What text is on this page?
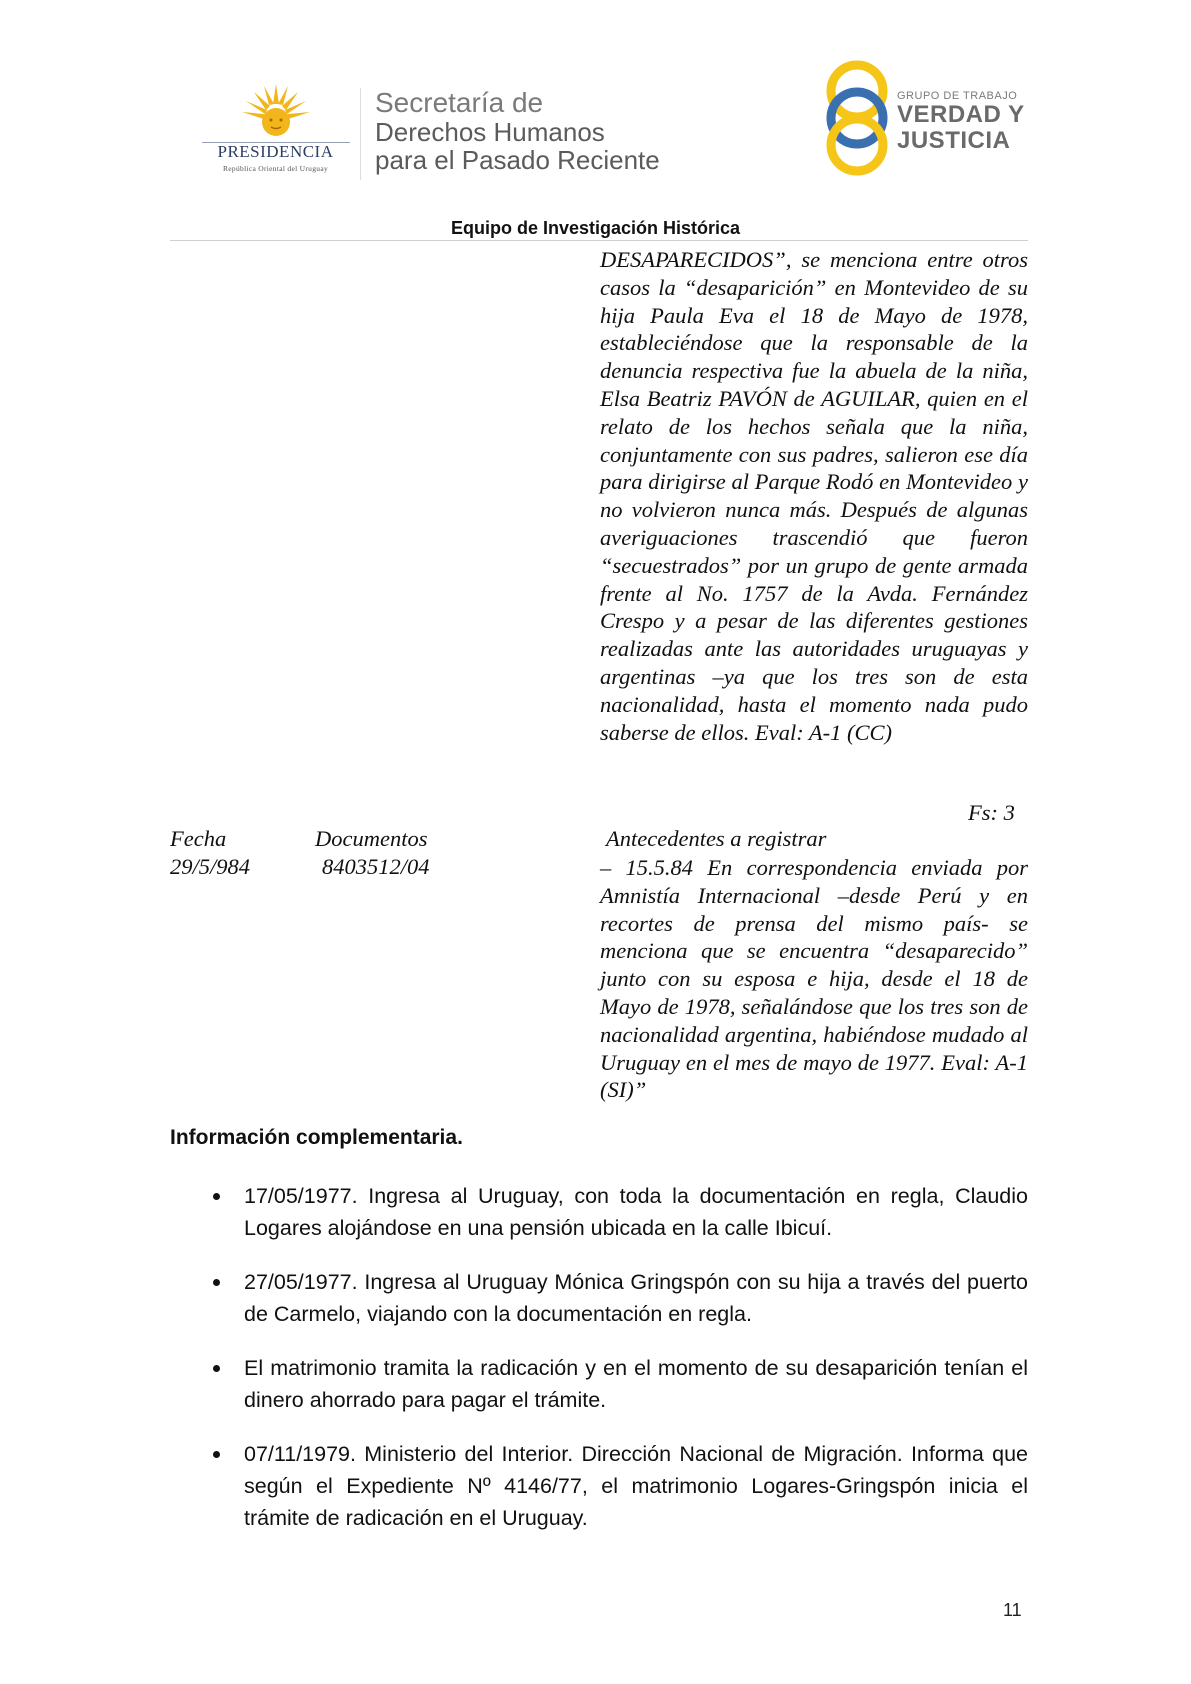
PRESIDENCIA
República Oriental del Uruguay
Secretaría de
Derechos Humanos
para el Pasado Reciente
GRUPO DE TRABAJO
VERDAD Y
JUSTICIA
Equipo de Investigación Histórica

DESAPARECIDOS”, se menciona entre otros casos la “desaparición” en Montevideo de su hija Paula Eva el 18 de Mayo de 1978, estableciéndose que la responsable de la denuncia respectiva fue la abuela de la niña, Elsa Beatriz PAVÓN de AGUILAR, quien en el relato de los hechos señala que la niña, conjuntamente con sus padres, salieron ese día para dirigirse al Parque Rodó en Montevideo y no volvieron nunca más. Después de algunas averiguaciones trascendió que fueron “secuestrados” por un grupo de gente armada frente al No. 1757 de la Avda. Fernández Crespo y a pesar de las diferentes gestiones realizadas ante las autoridades uruguayas y argentinas –ya que los tres son de esta nacionalidad, hasta el momento nada pudo saberse de ellos. Eval: A-1 (CC)

Fs: 3
Fecha	Documentos	Antecedentes a registrar
29/5/984	8403512/04	– 15.5.84 En correspondencia enviada por Amnistía Internacional –desde Perú y en recortes de prensa del mismo país- se menciona que se encuentra “desaparecido” junto con su esposa e hija, desde el 18 de Mayo de 1978, señalándose que los tres son de nacionalidad argentina, habiéndose mudado al Uruguay en el mes de mayo de 1977. Eval: A-1 (SI)”

Información complementaria.
17/05/1977. Ingresa al Uruguay, con toda la documentación en regla, Claudio Logares alojándose en una pensión ubicada en la calle Ibicuí.
27/05/1977. Ingresa al Uruguay Mónica Gringspón con su hija a través del puerto de Carmelo, viajando con la documentación en regla.
El matrimonio tramita la radicación y en el momento de su desaparición tenían el dinero ahorrado para pagar el trámite.
07/11/1979. Ministerio del Interior. Dirección Nacional de Migración. Informa que según el Expediente Nº 4146/77, el matrimonio Logares-Gringspón inicia el trámite de radicación en el Uruguay.
11
